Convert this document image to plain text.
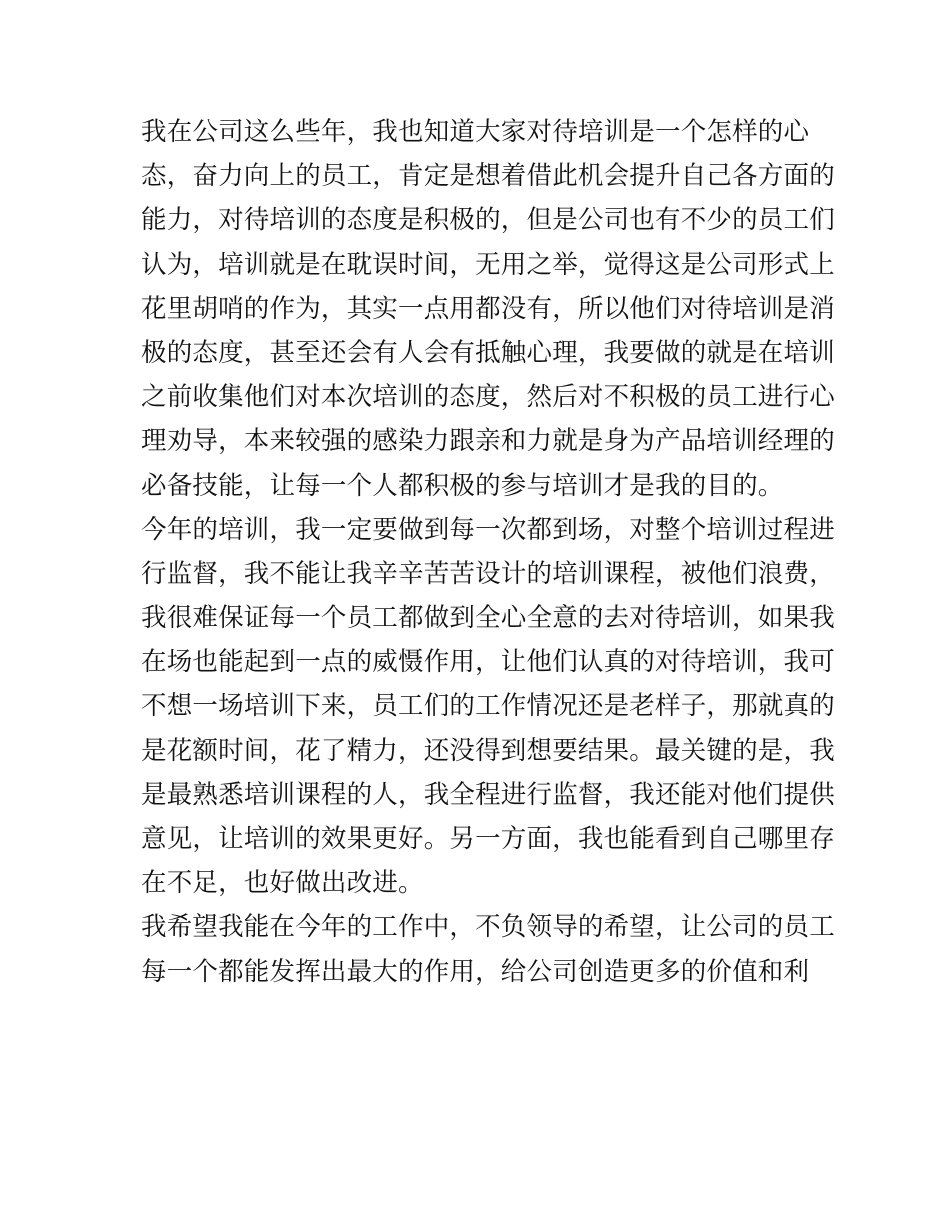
我在公司这么些年，我也知道大家对待培训是一个怎样的心
态，奋力向上的员工，肯定是想着借此机会提升自己各方面的
能力，对待培训的态度是积极的，但是公司也有不少的员工们
认为，培训就是在耽误时间，无用之举，觉得这是公司形式上
花里胡哨的作为，其实一点用都没有，所以他们对待培训是消
极的态度，甚至还会有人会有抵触心理，我要做的就是在培训
之前收集他们对本次培训的态度，然后对不积极的员工进行心
理劝导，本来较强的感染力跟亲和力就是身为产品培训经理的
必备技能，让每一个人都积极的参与培训才是我的目的。
今年的培训，我一定要做到每一次都到场，对整个培训过程进
行监督，我不能让我辛辛苦苦设计的培训课程，被他们浪费，
我很难保证每一个员工都做到全心全意的去对待培训，如果我
在场也能起到一点的威慑作用，让他们认真的对待培训，我可
不想一场培训下来，员工们的工作情况还是老样子，那就真的
是花额时间，花了精力，还没得到想要结果。最关键的是，我
是最熟悉培训课程的人，我全程进行监督，我还能对他们提供
意见，让培训的效果更好。另一方面，我也能看到自己哪里存
在不足，也好做出改进。
我希望我能在今年的工作中，不负领导的希望，让公司的员工
每一个都能发挥出最大的作用，给公司创造更多的价值和利
